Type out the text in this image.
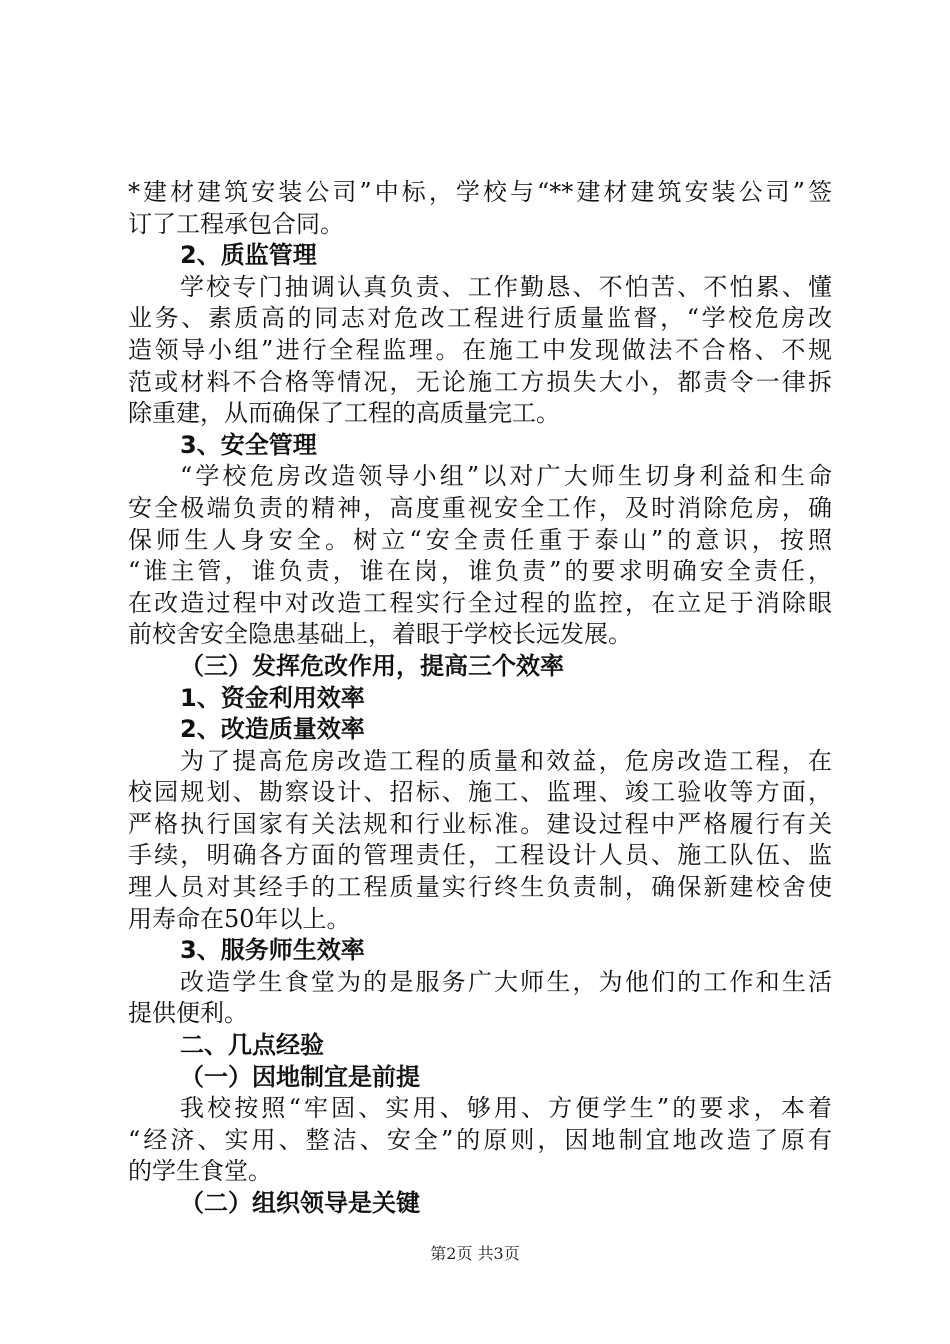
*建材建筑安装公司”中标，学校与“**建材建筑安装公司”签
订了工程承包合同。
2、质监管理
学校专门抽调认真负责、工作勤恳、不怕苦、不怕累、懂
业务、素质高的同志对危改工程进行质量监督，“学校危房改
造领导小组”进行全程监理。在施工中发现做法不合格、不规
范或材料不合格等情况，无论施工方损失大小，都责令一律拆
除重建，从而确保了工程的高质量完工。
3、安全管理
“学校危房改造领导小组”以对广大师生切身利益和生命
安全极端负责的精神，高度重视安全工作，及时消除危房，确
保师生人身安全。树立“安全责任重于泰山”的意识，按照
“谁主管，谁负责，谁在岗，谁负责”的要求明确安全责任，
在改造过程中对改造工程实行全过程的监控，在立足于消除眼
前校舍安全隐患基础上，着眼于学校长远发展。
（三）发挥危改作用，提高三个效率
1、资金利用效率
2、改造质量效率
为了提高危房改造工程的质量和效益，危房改造工程，在
校园规划、勘察设计、招标、施工、监理、竣工验收等方面，
严格执行国家有关法规和行业标准。建设过程中严格履行有关
手续，明确各方面的管理责任，工程设计人员、施工队伍、监
理人员对其经手的工程质量实行终生负责制，确保新建校舍使
用寿命在50年以上。
3、服务师生效率
改造学生食堂为的是服务广大师生，为他们的工作和生活
提供便利。
二、几点经验
（一）因地制宜是前提
我校按照“牢固、实用、够用、方便学生”的要求，本着
“经济、实用、整洁、安全”的原则，因地制宜地改造了原有
的学生食堂。
（二）组织领导是关键
第2页 共3页
